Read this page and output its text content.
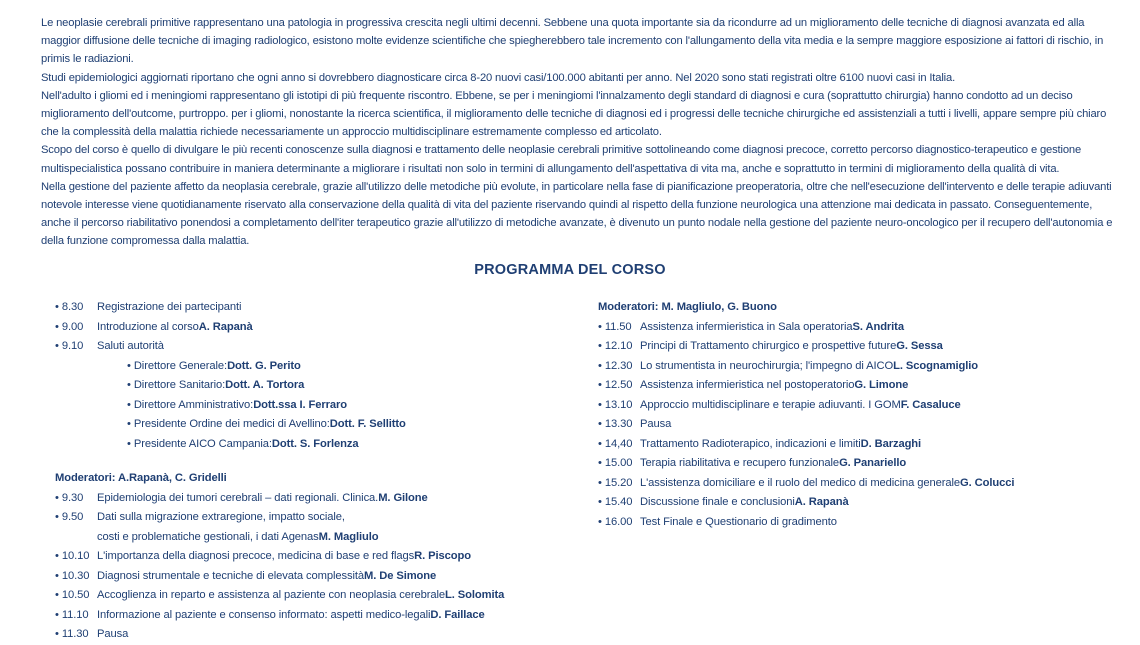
Le neoplasie cerebrali primitive rappresentano una patologia in progressiva crescita negli ultimi decenni. Sebbene una quota importante sia da ricondurre ad un miglioramento delle tecniche di diagnosi avanzata ed alla maggior diffusione delle tecniche di imaging radiologico, esistono molte evidenze scientifiche che spiegherebbero tale incremento con l'allungamento della vita media e la sempre maggiore esposizione ai fattori di rischio, in primis le radiazioni.

Studi epidemiologici aggiornati riportano che ogni anno si dovrebbero diagnosticare circa 8-20 nuovi casi/100.000 abitanti per anno. Nel 2020 sono stati registrati oltre 6100 nuovi casi in Italia.

Nell'adulto i gliomi ed i meningiomi rappresentano gli istotipi di più frequente riscontro. Ebbene, se per i meningiomi l'innalzamento degli standard di diagnosi e cura (soprattutto chirurgia) hanno condotto ad un deciso miglioramento dell'outcome, purtroppo. per i gliomi, nonostante la ricerca scientifica, il miglioramento delle tecniche di diagnosi ed i progressi delle tecniche chirurgiche ed assistenziali a tutti i livelli, appare sempre più chiaro che la complessità della malattia richiede necessariamente un approccio multidisciplinare estremamente complesso ed articolato.

Scopo del corso è quello di divulgare le più recenti conoscenze sulla diagnosi e trattamento delle neoplasie cerebrali primitive sottolineando come diagnosi precoce, corretto percorso diagnostico-terapeutico e gestione multispecialistica possano contribuire in maniera determinante a migliorare i risultati non solo in termini di allungamento dell'aspettativa di vita ma, anche e soprattutto in termini di miglioramento della qualità di vita.

Nella gestione del paziente affetto da neoplasia cerebrale, grazie all'utilizzo delle metodiche più evolute, in particolare nella fase di pianificazione preoperatoria, oltre che nell'esecuzione dell'intervento e delle terapie adiuvanti notevole interesse viene quotidianamente riservato alla conservazione della qualità di vita del paziente riservando quindi al rispetto della funzione neurologica una attenzione mai dedicata in passato. Conseguentemente, anche il percorso riabilitativo ponendosi a completamento dell'iter terapeutico grazie all'utilizzo di metodiche avanzate, è divenuto un punto nodale nella gestione del paziente neuro-oncologico per il recupero dell'autonomia e della funzione compromessa dalla malattia.

PROGRAMMA DEL CORSO
• 8.30	Registrazione dei partecipanti
• 9.00	Introduzione al corso A. Rapanà
• 9.10	Saluti autorità
• Direttore Generale: Dott. G. Perito
• Direttore Sanitario: Dott. A. Tortora
• Direttore Amministrativo: Dott.ssa I. Ferraro
• Presidente Ordine dei medici di Avellino: Dott. F. Sellitto
• Presidente AICO Campania: Dott. S. Forlenza
Moderatori: A.Rapanà, C. Gridelli
• 9.30	Epidemiologia dei tumori cerebrali – dati regionali. Clinica. M. Gilone
• 9.50	Dati sulla migrazione extraregione, impatto sociale,
costi e problematiche gestionali, i dati Agenas M. Magliulo
• 10.10 L'importanza della diagnosi precoce, medicina di base e red flags R. Piscopo
• 10.30 Diagnosi strumentale e tecniche di elevata complessità M. De Simone
• 10.50 Accoglienza in reparto e assistenza al paziente con neoplasia cerebrale L. Solomita
• 11.10 Informazione al paziente e consenso informato: aspetti medico-legali D. Faillace
• 11.30 Pausa
Moderatori: M. Magliulo, G. Buono
• 11.50 Assistenza infermieristica in Sala operatoria S. Andrita
• 12.10 Principi di Trattamento chirurgico e prospettive future G. Sessa
• 12.30 Lo strumentista in neurochirurgia; l'impegno di AICO L. Scognamiglio
• 12.50 Assistenza infermieristica nel postoperatorio G. Limone
• 13.10 Approccio multidisciplinare e terapie adiuvanti. I GOM F. Casaluce
• 13.30 Pausa
• 14,40 Trattamento Radioterapico, indicazioni e limiti D. Barzaghi
• 15.00 Terapia riabilitativa e recupero funzionale G. Panariello
• 15.20 L'assistenza domiciliare e il ruolo del medico di medicina generale G. Colucci
• 15.40 Discussione finale e conclusioni A. Rapanà
• 16.00 Test Finale e Questionario di gradimento
